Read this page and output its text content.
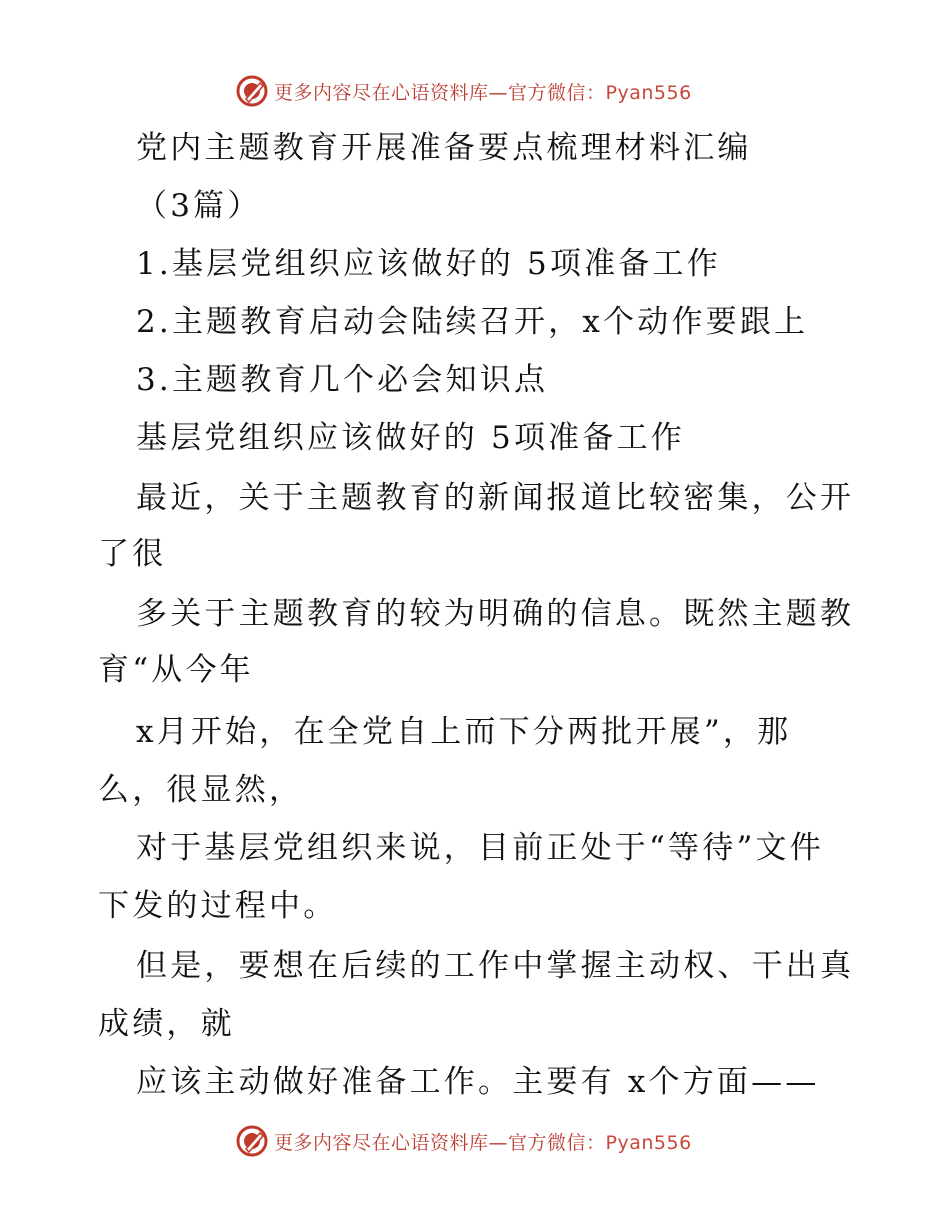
更多内容尽在心语资料库—官方微信：Pyan556
党内主题教育开展准备要点梳理材料汇编
（3篇）
1.基层党组织应该做好的 5项准备工作
2.主题教育启动会陆续召开，x个动作要跟上
3.主题教育几个必会知识点
基层党组织应该做好的 5项准备工作
最近，关于主题教育的新闻报道比较密集，公开
了很
多关于主题教育的较为明确的信息。既然主题教
育“从今年
x月开始，在全党自上而下分两批开展”，那
么，很显然，
对于基层党组织来说，目前正处于“等待”文件
下发的过程中。
但是，要想在后续的工作中掌握主动权、干出真
成绩，就
应该主动做好准备工作。主要有 x个方面——
更多内容尽在心语资料库—官方微信：Pyan556
